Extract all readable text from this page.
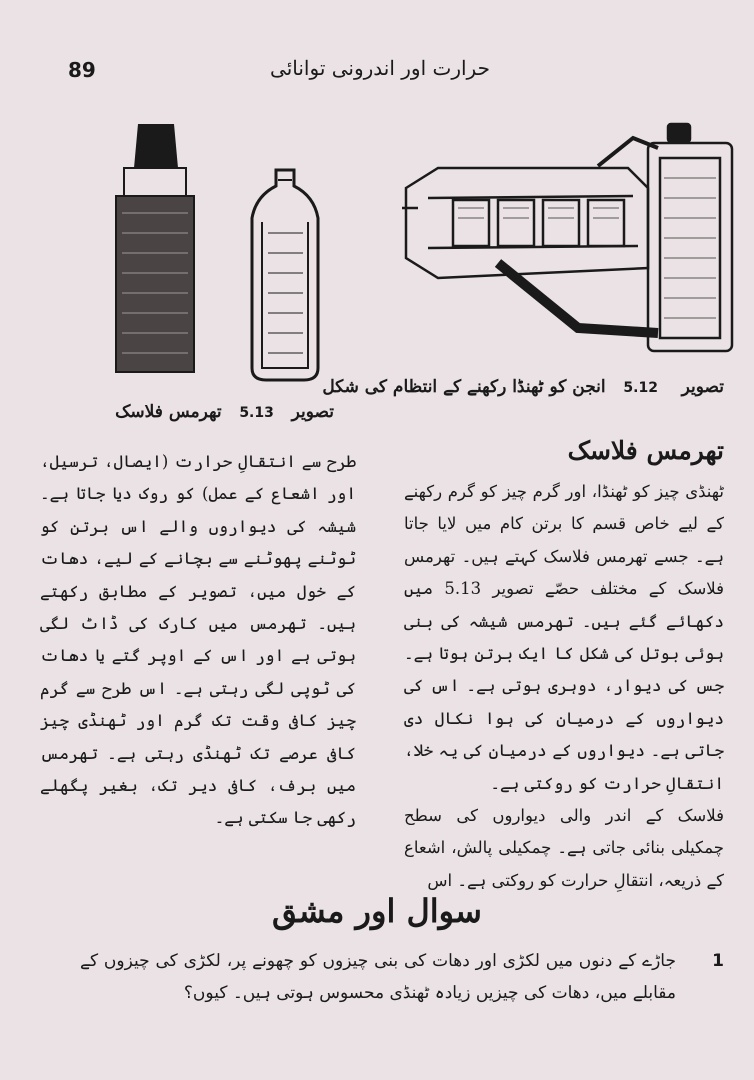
89	حرارت اور اندرونی توانائی
تصویر    5.12   انجن کو ٹھنڈا رکھنے کے انتظام کی شکل
تصویر   5.13   تھرمس فلاسک
تھرمس فلاسک

ٹھنڈی چیز کو ٹھنڈا، اور گرم چیز کو گرم رکھنے کے لیے خاص قسم کا برتن کام میں لایا جاتا ہے۔ جسے تھرمس فلاسک کہتے ہیں۔ تھرمس فلاسک کے مختلف حصّے تصویر 5.13 میں دکھائے گئے ہیں۔ تھرمس شیشہ کی بنی ہوئی بوتل کی شکل کا ایک برتن ہوتا ہے۔ جس کی دیوار، دوہری ہوتی ہے۔ اس کی دیواروں کے درمیان کی ہوا نکال دی جاتی ہے۔ دیواروں کے درمیان کی یہ خلا، انتقالِ حرارت کو روکتی ہے۔

فلاسک کے اندر والی دیواروں کی سطح چمکیلی بنائی جاتی ہے۔ چمکیلی پالش، اشعاع کے ذریعہ، انتقالِ حرارت کو روکتی ہے۔ اس

طرح سے انتقالِ حرارت (ایصال، ترسیل، اور اشعاع کے عمل) کو روک دیا جاتا ہے۔ شیشہ کی دیواروں والے اس برتن کو ٹوٹنے پھوٹنے سے بچانے کے لیے، دھات کے خول میں، تصویر کے مطابق رکھتے ہیں۔ تھرمس میں کارک کی ڈاٹ لگی ہوتی ہے اور اس کے اوپر گتے یا دھات کی ٹوپی لگی رہتی ہے۔ اس طرح سے گرم چیز کافی وقت تک گرم اور ٹھنڈی چیز کافی عرصے تک ٹھنڈی رہتی ہے۔ تھرمس میں برف، کافی دیر تک، بغیر پگھلے رکھی جا سکتی ہے۔

سوال اور مشق
1
جاڑے کے دنوں میں لکڑی اور دھات کی بنی چیزوں کو چھونے پر، لکڑی کی چیزوں کے مقابلے میں، دھات کی چیزیں زیادہ ٹھنڈی محسوس ہوتی ہیں۔ کیوں؟
